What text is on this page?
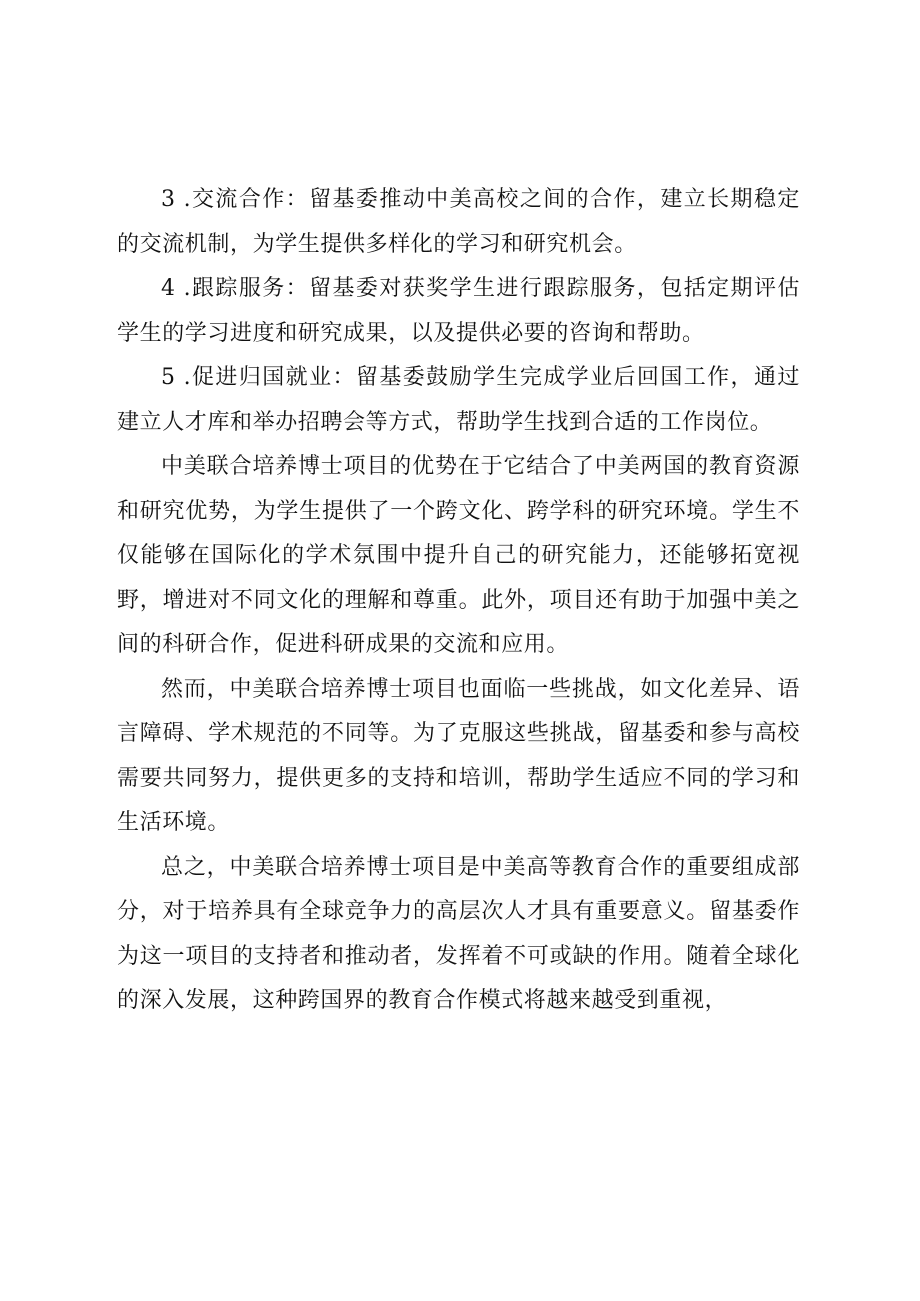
3 .交流合作：留基委推动中美高校之间的合作，建立长期稳定的交流机制，为学生提供多样化的学习和研究机会。

4 .跟踪服务：留基委对获奖学生进行跟踪服务，包括定期评估学生的学习进度和研究成果，以及提供必要的咨询和帮助。

5 .促进归国就业：留基委鼓励学生完成学业后回国工作，通过建立人才库和举办招聘会等方式，帮助学生找到合适的工作岗位。

中美联合培养博士项目的优势在于它结合了中美两国的教育资源和研究优势，为学生提供了一个跨文化、跨学科的研究环境。学生不仅能够在国际化的学术氛围中提升自己的研究能力，还能够拓宽视野，增进对不同文化的理解和尊重。此外，项目还有助于加强中美之间的科研合作，促进科研成果的交流和应用。

然而，中美联合培养博士项目也面临一些挑战，如文化差异、语言障碍、学术规范的不同等。为了克服这些挑战，留基委和参与高校需要共同努力，提供更多的支持和培训，帮助学生适应不同的学习和生活环境。

总之，中美联合培养博士项目是中美高等教育合作的重要组成部分，对于培养具有全球竞争力的高层次人才具有重要意义。留基委作为这一项目的支持者和推动者，发挥着不可或缺的作用。随着全球化的深入发展，这种跨国界的教育合作模式将越来越受到重视，
